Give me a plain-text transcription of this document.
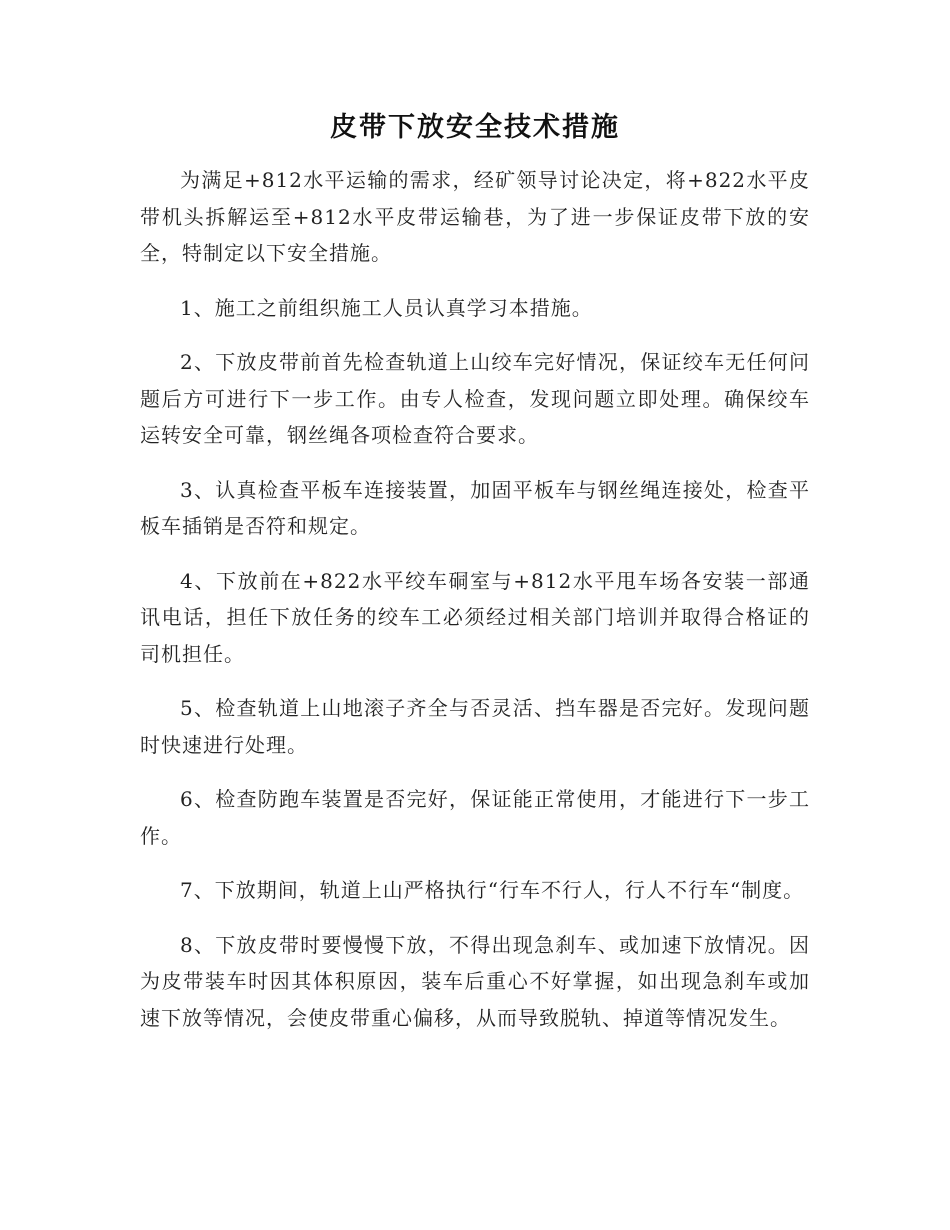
皮带下放安全技术措施

为满足+812水平运输的需求，经矿领导讨论决定，将+822水平皮带机头拆解运至+812水平皮带运输巷，为了进一步保证皮带下放的安全，特制定以下安全措施。

1、施工之前组织施工人员认真学习本措施。

2、下放皮带前首先检查轨道上山绞车完好情况，保证绞车无任何问题后方可进行下一步工作。由专人检查，发现问题立即处理。确保绞车运转安全可靠，钢丝绳各项检查符合要求。

3、认真检查平板车连接装置，加固平板车与钢丝绳连接处，检查平板车插销是否符和规定。

4、下放前在+822水平绞车硐室与+812水平甩车场各安装一部通讯电话，担任下放任务的绞车工必须经过相关部门培训并取得合格证的司机担任。

5、检查轨道上山地滚子齐全与否灵活、挡车器是否完好。发现问题时快速进行处理。

6、检查防跑车装置是否完好，保证能正常使用，才能进行下一步工作。

7、下放期间，轨道上山严格执行“行车不行人，行人不行车“制度。

8、下放皮带时要慢慢下放，不得出现急刹车、或加速下放情况。因为皮带装车时因其体积原因，装车后重心不好掌握，如出现急刹车或加速下放等情况，会使皮带重心偏移，从而导致脱轨、掉道等情况发生。
